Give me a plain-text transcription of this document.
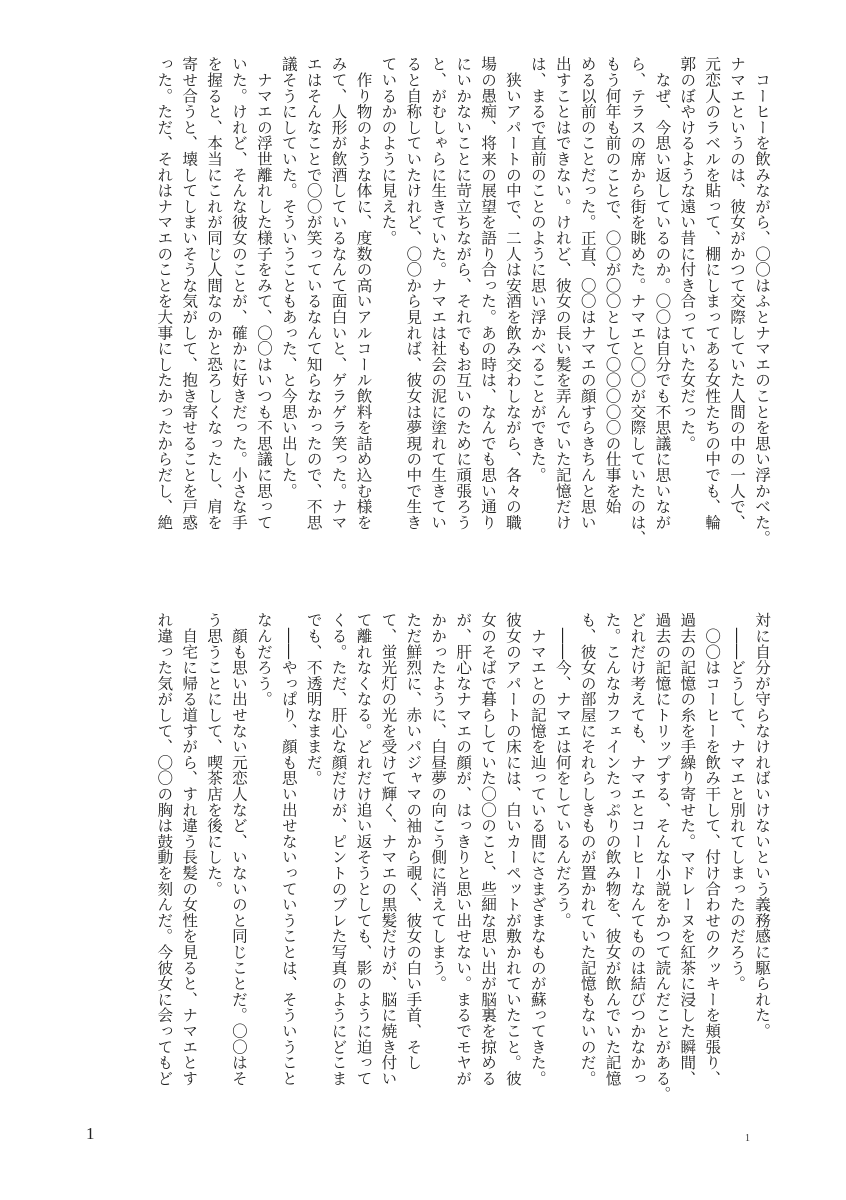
　コーヒーを飲みながら、〇〇はふとナマエのことを思い浮かべた。
ナマエというのは、彼女がかつて交際していた人間の中の一人で、
元恋人のラベルを貼って、棚にしまってある女性たちの中でも、輪
郭のぼやけるような遠い昔に付き合っていた女だった。
　なぜ、今思い返しているのか。〇〇は自分でも不思議に思いなが
ら、テラスの席から街を眺めた。ナマエと〇〇が交際していたのは、
もう何年も前のことで、〇〇が〇〇として〇〇〇〇〇の仕事を始
める以前のことだった。正直、〇〇はナマエの顔すらきちんと思い
出すことはできない。けれど、彼女の長い髪を弄んでいた記憶だけ
は、まるで直前のことのように思い浮かべることができた。
　狭いアパートの中で、二人は安酒を飲み交わしながら、各々の職
場の愚痴、将来の展望を語り合った。あの時は、なんでも思い通り
にいかないことに苛立ちながら、それでもお互いのために頑張ろう
と、がむしゃらに生きていた。ナマエは社会の泥に塗れて生きてい
ると自称していたけれど、〇〇から見れば、彼女は夢現の中で生き
ているかのように見えた。
　作り物のような体に、度数の高いアルコール飲料を詰め込む様を
みて、人形が飲酒しているなんて面白いと、ゲラゲラ笑った。ナマ
エはそんなことで〇〇が笑っているなんて知らなかったので、不思
議そうにしていた。そういうこともあった、と今思い出した。
　ナマエの浮世離れした様子をみて、〇〇はいつも不思議に思って
いた。けれど、そんな彼女のことが、確かに好きだった。小さな手
を握ると、本当にこれが同じ人間なのかと恐ろしくなったし、肩を
寄せ合うと、壊してしまいそうな気がして、抱き寄せることを戸惑
った。ただ、それはナマエのことを大事にしたかったからだし、絶
対に自分が守らなければいけないという義務感に駆られた。
　――どうして、ナマエと別れてしまったのだろう。
　〇〇はコーヒーを飲み干して、付け合わせのクッキーを頬張り、
過去の記憶の糸を手繰り寄せた。マドレーヌを紅茶に浸した瞬間、
過去の記憶にトリップする、そんな小説をかつて読んだことがある。
どれだけ考えても、ナマエとコーヒーなんてものは結びつかなかっ
た。こんなカフェインたっぷりの飲み物を、彼女が飲んでいた記憶
も、彼女の部屋にそれらしきものが置かれていた記憶もないのだ。
　――今、ナマエは何をしているんだろう。
　ナマエとの記憶を辿っている間にさまざまなものが蘇ってきた。
彼女のアパートの床には、白いカーペットが敷かれていたこと。彼
女のそばで暮らしていた〇〇のこと、些細な思い出が脳裏を掠める
が、肝心なナマエの顔が、はっきりと思い出せない。まるでモヤが
かかったように、白昼夢の向こう側に消えてしまう。
ただ鮮烈に、赤いパジャマの袖から覗く、彼女の白い手首、そし
て、蛍光灯の光を受けて輝く、ナマエの黒髪だけが、脳に焼き付い
て離れなくなる。どれだけ追い返そうとしても、影のように迫って
くる。ただ、肝心な顔だけが、ピントのブレた写真のようにどこま
でも、不透明なままだ。
　――やっぱり、顔も思い出せないっていうことは、そういうこと
なんだろう。
　顔も思い出せない元恋人など、いないのと同じことだ。〇〇はそ
う思うことにして、喫茶店を後にした。
　自宅に帰る道すがら、すれ違う長髪の女性を見ると、ナマエとす
れ違った気がして、〇〇の胸は鼓動を刻んだ。今彼女に会ってもど
1	1
